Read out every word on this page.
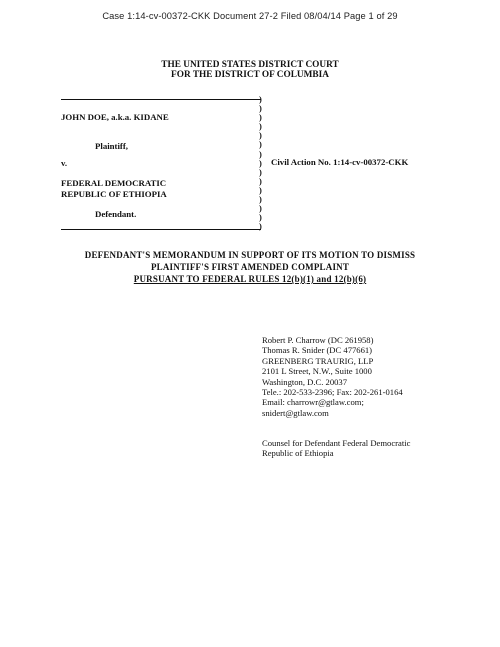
Case 1:14-cv-00372-CKK Document 27-2 Filed 08/04/14 Page 1 of 29
THE UNITED STATES DISTRICT COURT
FOR THE DISTRICT OF COLUMBIA
JOHN DOE, a.k.a. KIDANE
Plaintiff,
v.
FEDERAL DEMOCRATIC
REPUBLIC OF ETHIOPIA
Defendant.
)
)
)
)
)
)
)
)
)
)
)
)
)
)
)
Civil Action No. 1:14-cv-00372-CKK
DEFENDANT'S MEMORANDUM IN SUPPORT OF ITS MOTION TO DISMISS
PLAINTIFF'S FIRST AMENDED COMPLAINT
PURSUANT TO FEDERAL RULES 12(b)(1) and 12(b)(6)
Robert P. Charrow (DC 261958)
Thomas R. Snider (DC 477661)
GREENBERG TRAURIG, LLP
2101 L Street, N.W., Suite 1000
Washington, D.C. 20037
Tele.: 202-533-2396; Fax: 202-261-0164
Email: charrowr@gtlaw.com;
snidert@gtlaw.com
Counsel for Defendant Federal Democratic
Republic of Ethiopia
